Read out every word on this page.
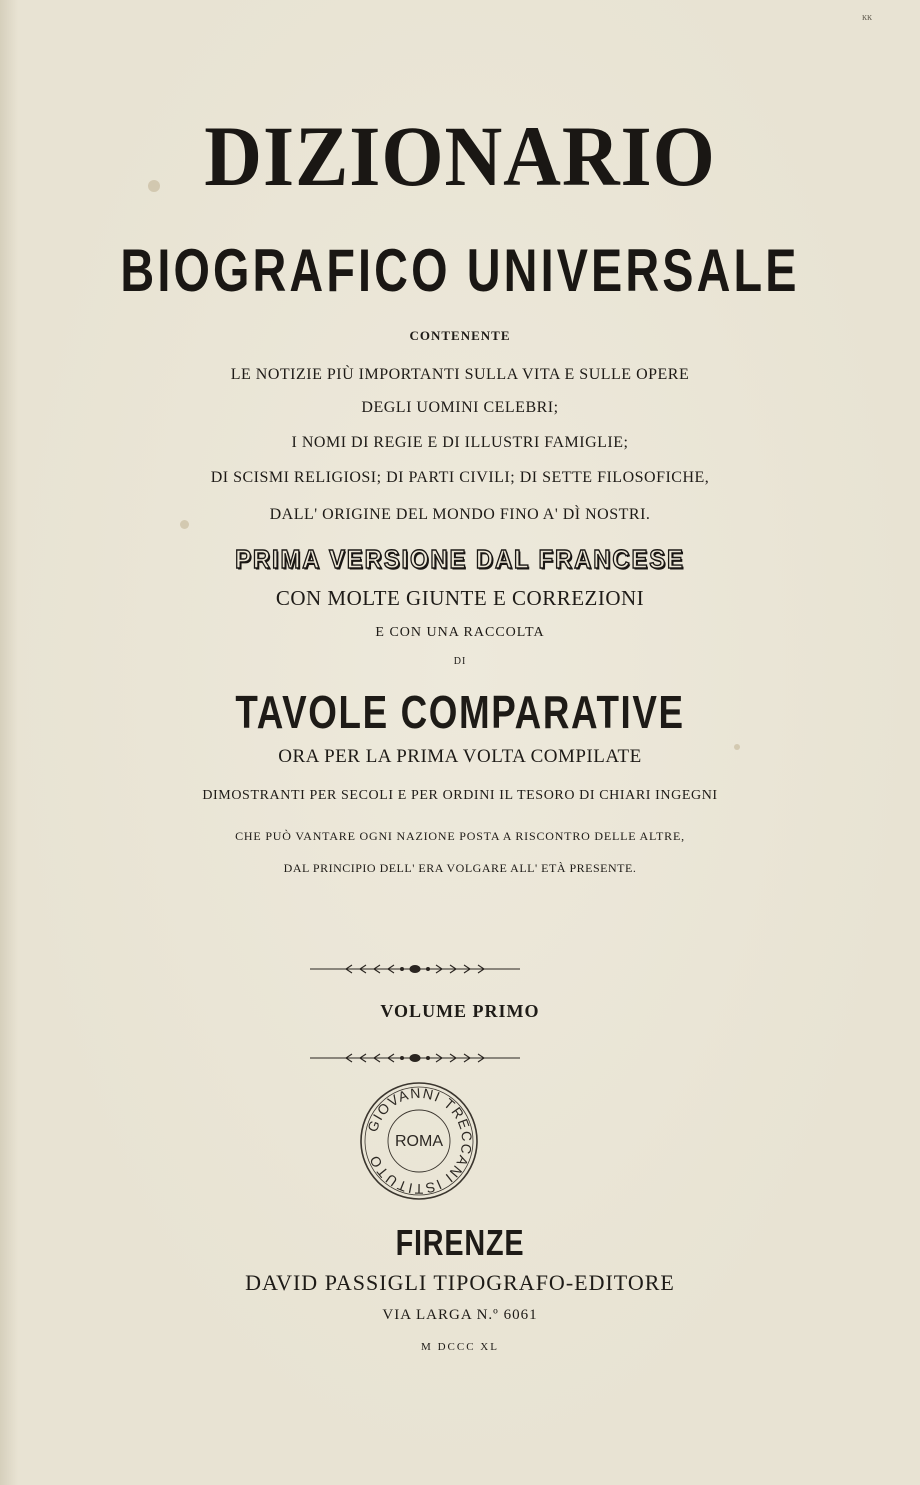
ĸĸ
DIZIONARIO
BIOGRAFICO UNIVERSALE

CONTENENTE

LE NOTIZIE PIÙ IMPORTANTI SULLA VITA E SULLE OPERE

DEGLI UOMINI CELEBRI;

I NOMI DI REGIE E DI ILLUSTRI FAMIGLIE;

DI SCISMI RELIGIOSI; DI PARTI CIVILI; DI SETTE FILOSOFICHE,

DALL' ORIGINE DEL MONDO FINO A' DÌ NOSTRI.

PRIMA VERSIONE DAL FRANCESE

CON MOLTE GIUNTE E CORREZIONI

E CON UNA RACCOLTA

DI

TAVOLE COMPARATIVE

ORA PER LA PRIMA VOLTA COMPILATE

DIMOSTRANTI PER SECOLI E PER ORDINI IL TESORO DI CHIARI INGEGNI

CHE PUÒ VANTARE OGNI NAZIONE POSTA A RISCONTRO DELLE ALTRE,

DAL PRINCIPIO DELL' ERA VOLGARE ALL' ETÀ PRESENTE.

VOLUME PRIMO

GIOVANNI TRECCANI ISTITUTO
ROMA

FIRENZE

DAVID PASSIGLI TIPOGRAFO-EDITORE

VIA LARGA N.º 6061

M DCCC XL
